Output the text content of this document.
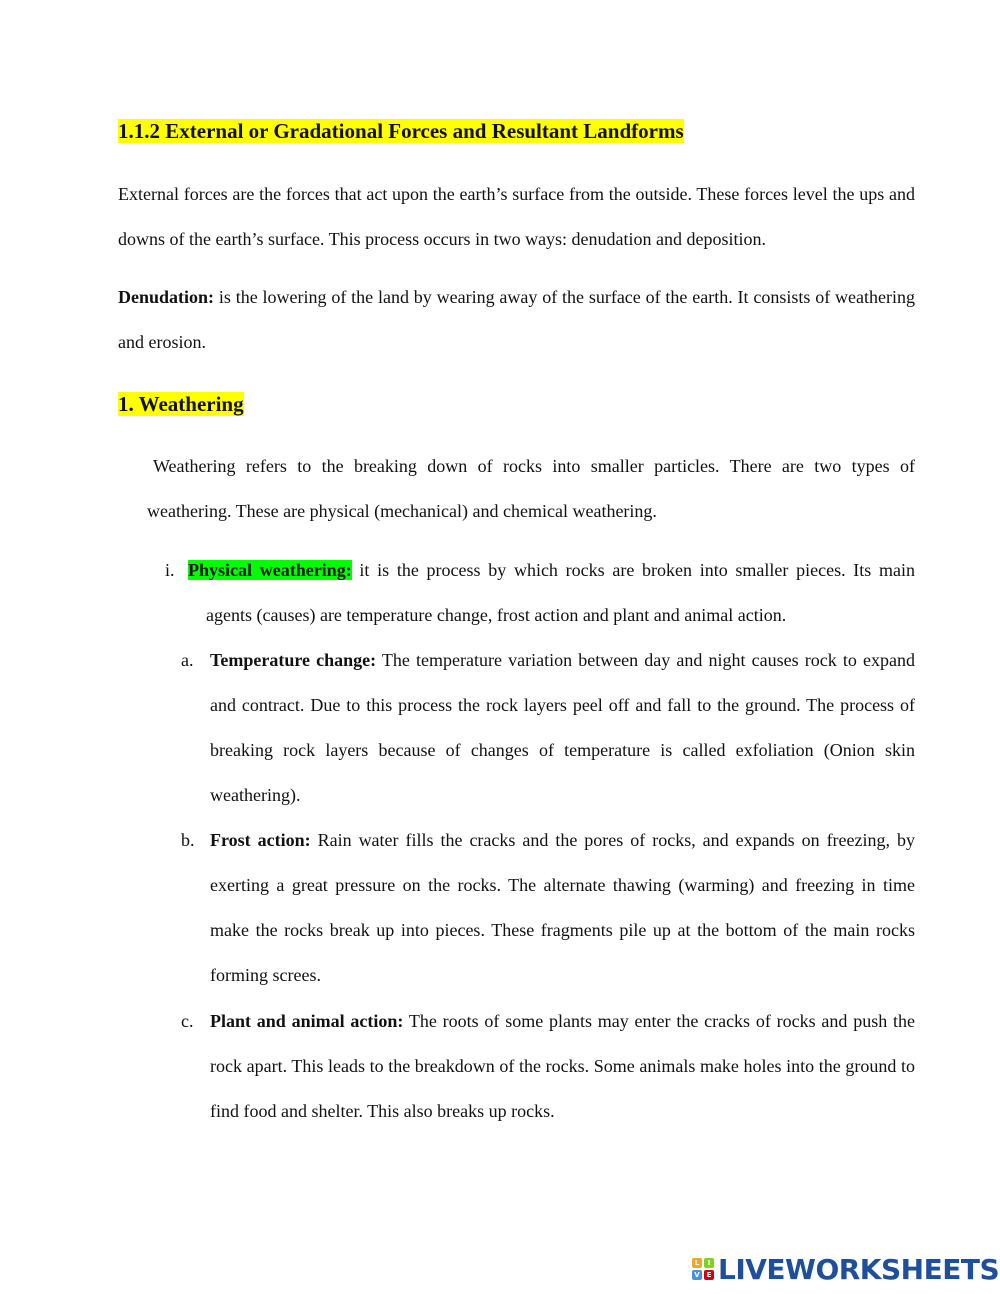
1.1.2 External or Gradational Forces and Resultant Landforms

External forces are the forces that act upon the earth’s surface from the outside. These forces level the ups and downs of the earth’s surface. This process occurs in two ways: denudation and deposition.

Denudation: is the lowering of the land by wearing away of the surface of the earth. It consists of weathering and erosion.

1. Weathering

Weathering refers to the breaking down of rocks into smaller particles. There are two types of weathering. These are physical (mechanical) and chemical weathering.

i. Physical weathering: it is the process by which rocks are broken into smaller pieces. Its main agents (causes) are temperature change, frost action and plant and animal action.

a. Temperature change: The temperature variation between day and night causes rock to expand and contract. Due to this process the rock layers peel off and fall to the ground. The process of breaking rock layers because of changes of temperature is called exfoliation (Onion skin weathering).

b. Frost action: Rain water fills the cracks and the pores of rocks, and expands on freezing, by exerting a great pressure on the rocks. The alternate thawing (warming) and freezing in time make the rocks break up into pieces. These fragments pile up at the bottom of the main rocks forming screes.

c. Plant and animal action: The roots of some plants may enter the cracks of rocks and push the rock apart. This leads to the breakdown of the rocks. Some animals make holes into the ground to find food and shelter. This also breaks up rocks.

L	I
V E LIVEWORKSHEETS
